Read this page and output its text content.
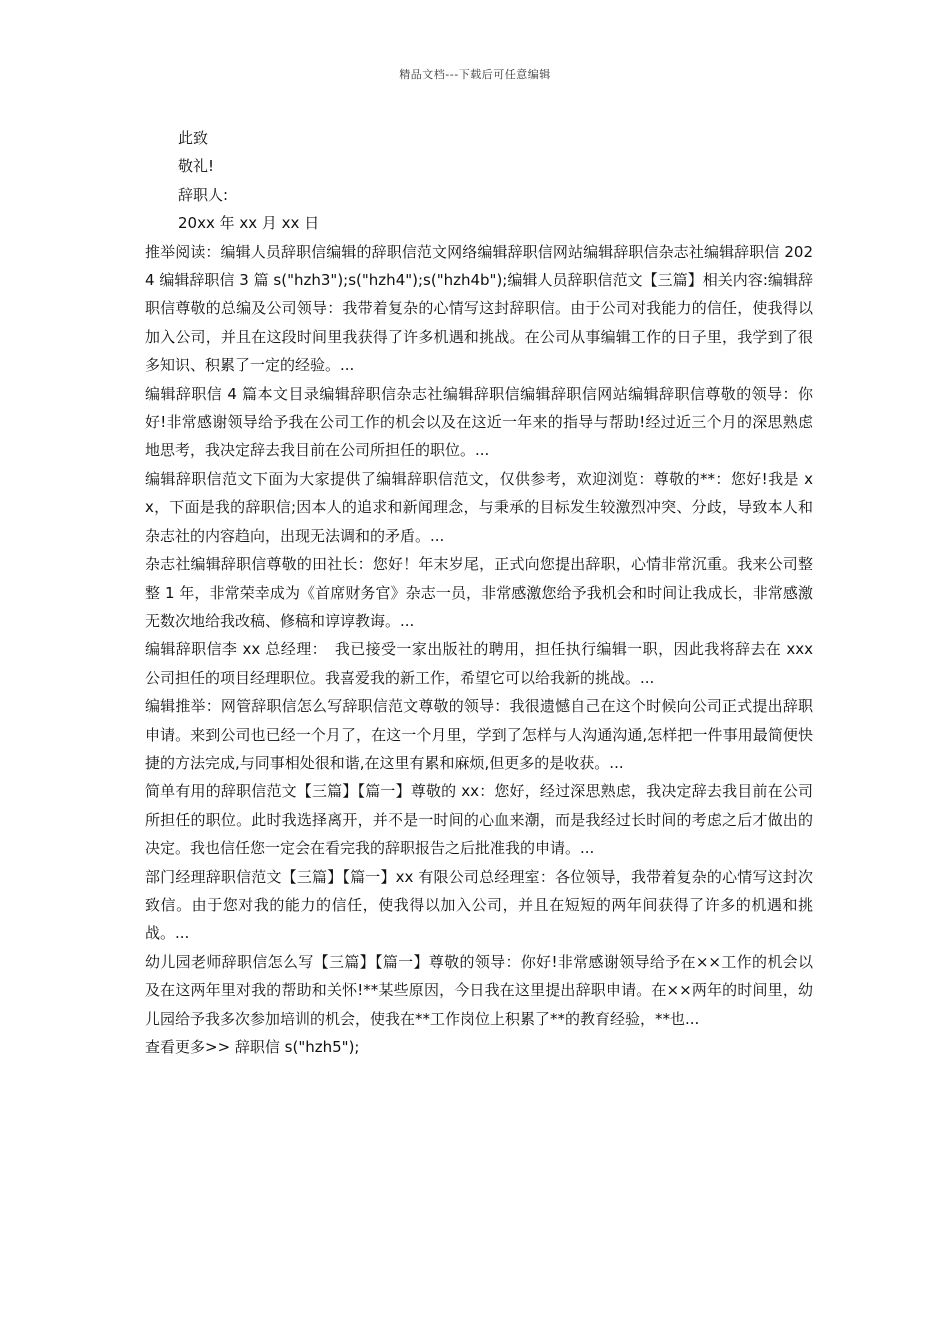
精品文档---下载后可任意编辑

此致

敬礼!

辞职人:

20xx 年 xx 月 xx 日

推举阅读：编辑人员辞职信编辑的辞职信范文网络编辑辞职信网站编辑辞职信杂志社编辑辞职信 2024 编辑辞职信 3 篇 s("hzh3");s("hzh4");s("hzh4b");编辑人员辞职信范文【三篇】相关内容:编辑辞职信尊敬的总编及公司领导：我带着复杂的心情写这封辞职信。由于公司对我能力的信任，使我得以加入公司，并且在这段时间里我获得了许多机遇和挑战。在公司从事编辑工作的日子里，我学到了很多知识、积累了一定的经验。...

编辑辞职信 4 篇本文目录编辑辞职信杂志社编辑辞职信编辑辞职信网站编辑辞职信尊敬的领导：你好!非常感谢领导给予我在公司工作的机会以及在这近一年来的指导与帮助!经过近三个月的深思熟虑地思考，我决定辞去我目前在公司所担任的职位。...

编辑辞职信范文下面为大家提供了编辑辞职信范文，仅供参考，欢迎浏览：尊敬的**：您好!我是 xx，下面是我的辞职信;因本人的追求和新闻理念，与秉承的目标发生较激烈冲突、分歧，导致本人和杂志社的内容趋向，出现无法调和的矛盾。...

杂志社编辑辞职信尊敬的田社长：您好！年末岁尾，正式向您提出辞职，心情非常沉重。我来公司整整 1 年，非常荣幸成为《首席财务官》杂志一员，非常感激您给予我机会和时间让我成长，非常感激无数次地给我改稿、修稿和谆谆教诲。...

编辑辞职信李 xx 总经理：　我已接受一家出版社的聘用，担任执行编辑一职，因此我将辞去在 xxx 公司担任的项目经理职位。我喜爱我的新工作，希望它可以给我新的挑战。...

编辑推举：网管辞职信怎么写辞职信范文尊敬的领导：我很遗憾自己在这个时候向公司正式提出辞职申请。来到公司也已经一个月了，在这一个月里，学到了怎样与人沟通沟通,怎样把一件事用最简便快捷的方法完成,与同事相处很和谐,在这里有累和麻烦,但更多的是收获。...

简单有用的辞职信范文【三篇】【篇一】尊敬的 xx：您好，经过深思熟虑，我决定辞去我目前在公司所担任的职位。此时我选择离开，并不是一时间的心血来潮，而是我经过长时间的考虑之后才做出的决定。我也信任您一定会在看完我的辞职报告之后批准我的申请。...

部门经理辞职信范文【三篇】【篇一】xx 有限公司总经理室：各位领导，我带着复杂的心情写这封次致信。由于您对我的能力的信任，使我得以加入公司，并且在短短的两年间获得了许多的机遇和挑战。...

幼儿园老师辞职信怎么写【三篇】【篇一】尊敬的领导：你好!非常感谢领导给予在××工作的机会以及在这两年里对我的帮助和关怀!**某些原因，今日我在这里提出辞职申请。在××两年的时间里，幼儿园给予我多次参加培训的机会，使我在**工作岗位上积累了**的教育经验，**也...

查看更多>> 辞职信 s("hzh5");
